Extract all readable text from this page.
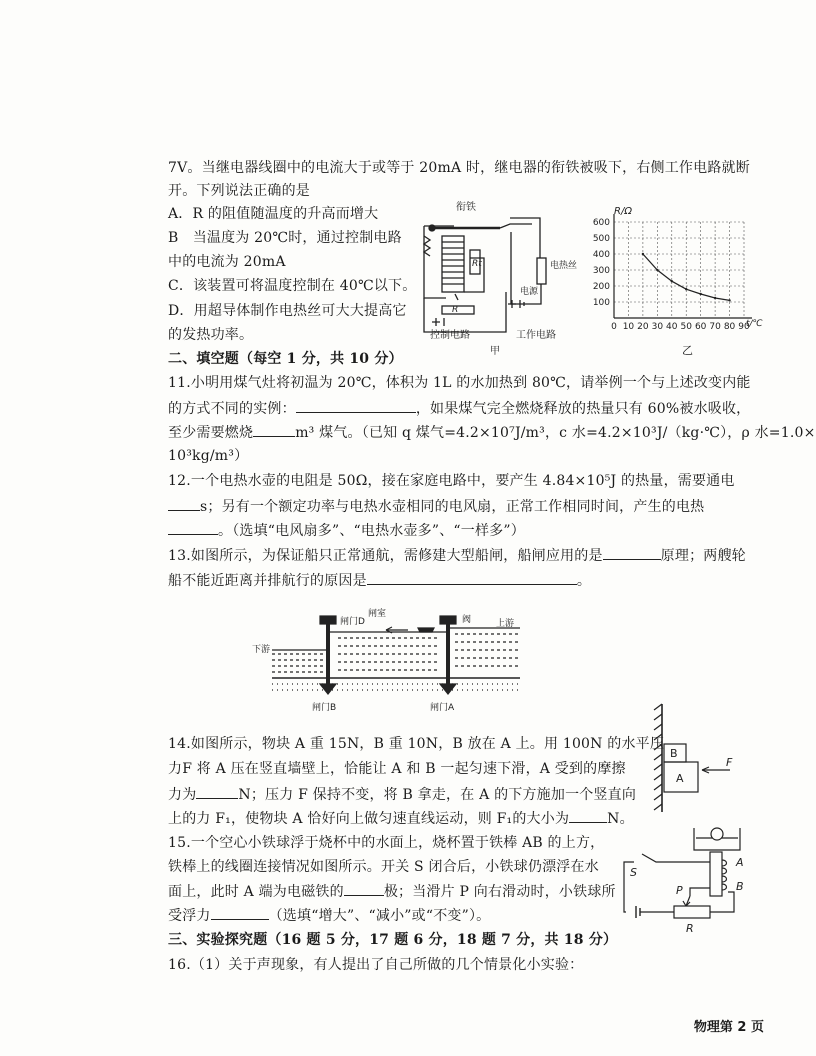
7V。当继电器线圈中的电流大于或等于 20mA 时，继电器的衔铁被吸下，右侧工作电路就断
开。下列说法正确的是
A．R 的阻值随温度的升高而增大
B　当温度为 20℃时，通过控制电路
中的电流为 20mA
C．该装置可将温度控制在 40℃以下。
D．用超导体制作电热丝可大大提高它
的发热功率。
衔铁
Rt
R
电热丝
电源
控制电路	工作电路
甲
0 10 20 30 40 50 60 70 80 90
100
200
300
400
500
600
R/Ω
t/℃
乙
二、填空题（每空 1 分，共 10 分）
11.小明用煤气灶将初温为 20℃，体积为 1L 的水加热到 80℃，请举例一个与上述改变内能
的方式不同的实例：	，如果煤气完全燃烧释放的热量只有 60%被水吸收，
至少需要燃烧	m³ 煤气。（已知 q 煤气=4.2×10⁷J/m³，c 水=4.2×10³J/（kg·℃），ρ 水=1.0×
10³kg/m³）
12.一个电热水壶的电阻是 50Ω，接在家庭电路中，要产生 4.84×10⁵J 的热量，需要通电
s；另有一个额定功率与电热水壶相同的电风扇，正常工作相同时间，产生的电热
。（选填“电风扇多”、“电热水壶多”、“一样多”）
13.如图所示，为保证船只正常通航，需修建大型船闸，船闸应用的是	原理；两艘轮
船不能近距离并排航行的原因是	。
闸室
闸门D	阀	上游
下游
闸门B	闸门A
14.如图所示，物块 A 重 15N，B 重 10N，B 放在 A 上。用 100N 的水平压
力F 将 A 压在竖直墙壁上，恰能让 A 和 B 一起匀速下滑，A 受到的摩擦
力为	N；压力 F 保持不变，将 B 拿走，在 A 的下方施加一个竖直向
上的力 F₁，使物块 A 恰好向上做匀速直线运动，则 F₁的大小为	N。
B
A
F
15.一个空心小铁球浮于烧杯中的水面上，烧杯置于铁棒 AB 的上方，
铁棒上的线圈连接情况如图所示。开关 S 闭合后，小铁球仍漂浮在水
面上，此时 A 端为电磁铁的	极；当滑片 P 向右滑动时，小铁球所
受浮力	（选填“增大”、“减小”或“不变”）。
S
P
R
A
B
三、实验探究题（16 题 5 分，17 题 6 分，18 题 7 分，共 18 分）
16.（1）关于声现象，有人提出了自己所做的几个情景化小实验：
物理第 2 页
